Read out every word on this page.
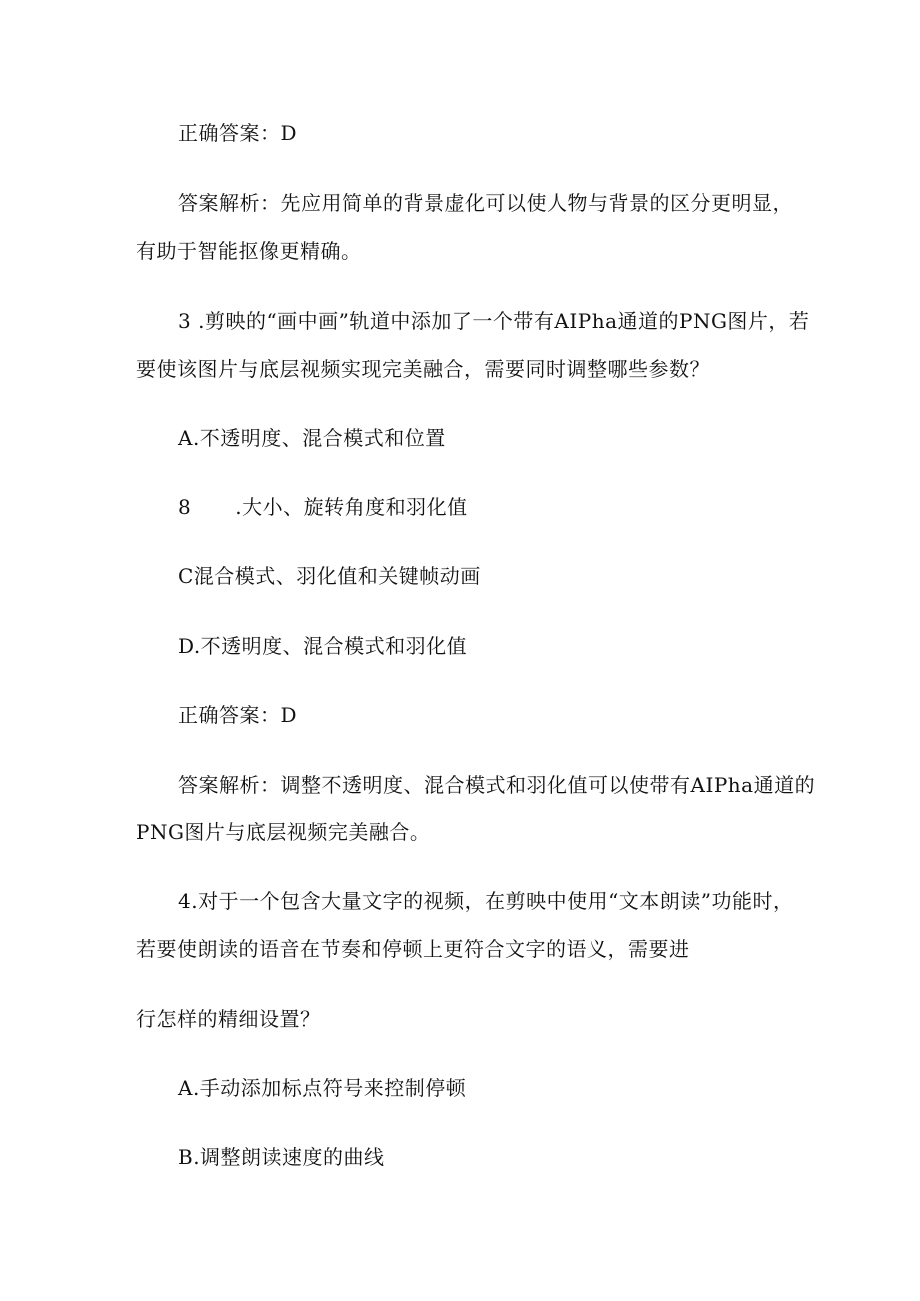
正确答案：D

答案解析：先应用简单的背景虚化可以使人物与背景的区分更明显，

有助于智能抠像更精确。

3 .剪映的“画中画”轨道中添加了一个带有AIPha通道的PNG图片，若

要使该图片与底层视频实现完美融合，需要同时调整哪些参数？

A.不透明度、混合模式和位置

8 .大小、旋转角度和羽化值

C混合模式、羽化值和关键帧动画

D.不透明度、混合模式和羽化值

正确答案：D

答案解析：调整不透明度、混合模式和羽化值可以使带有AIPha通道的

PNG图片与底层视频完美融合。

4.对于一个包含大量文字的视频，在剪映中使用“文本朗读”功能时，

若要使朗读的语音在节奏和停顿上更符合文字的语义，需要进

行怎样的精细设置？

A.手动添加标点符号来控制停顿

B.调整朗读速度的曲线
